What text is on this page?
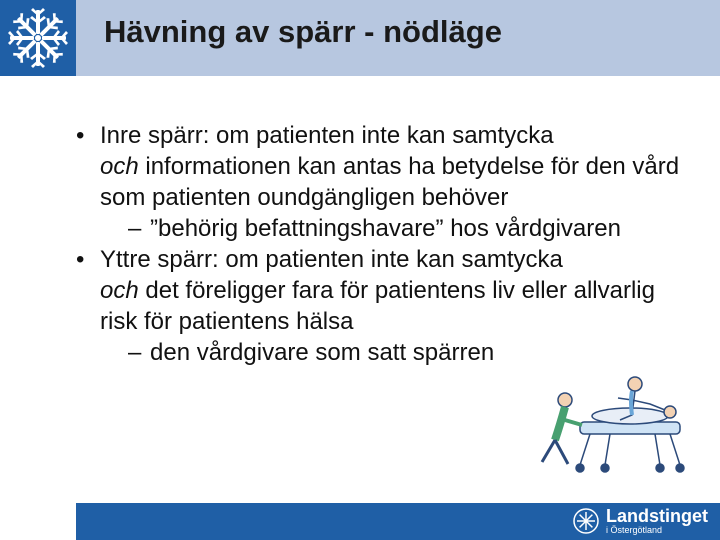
Hävning av spärr - nödläge
• Inre spärr: om patienten inte kan samtycka
och informationen kan antas ha betydelse för den vård som patienten oundgängligen behöver
– ”behörig befattningshavare” hos vårdgivaren
• Yttre spärr: om patienten inte kan samtycka
och det föreligger fara för patientens liv eller allvarlig risk för patientens hälsa
– den vårdgivare som satt spärren
Landstinget
i Östergötland
